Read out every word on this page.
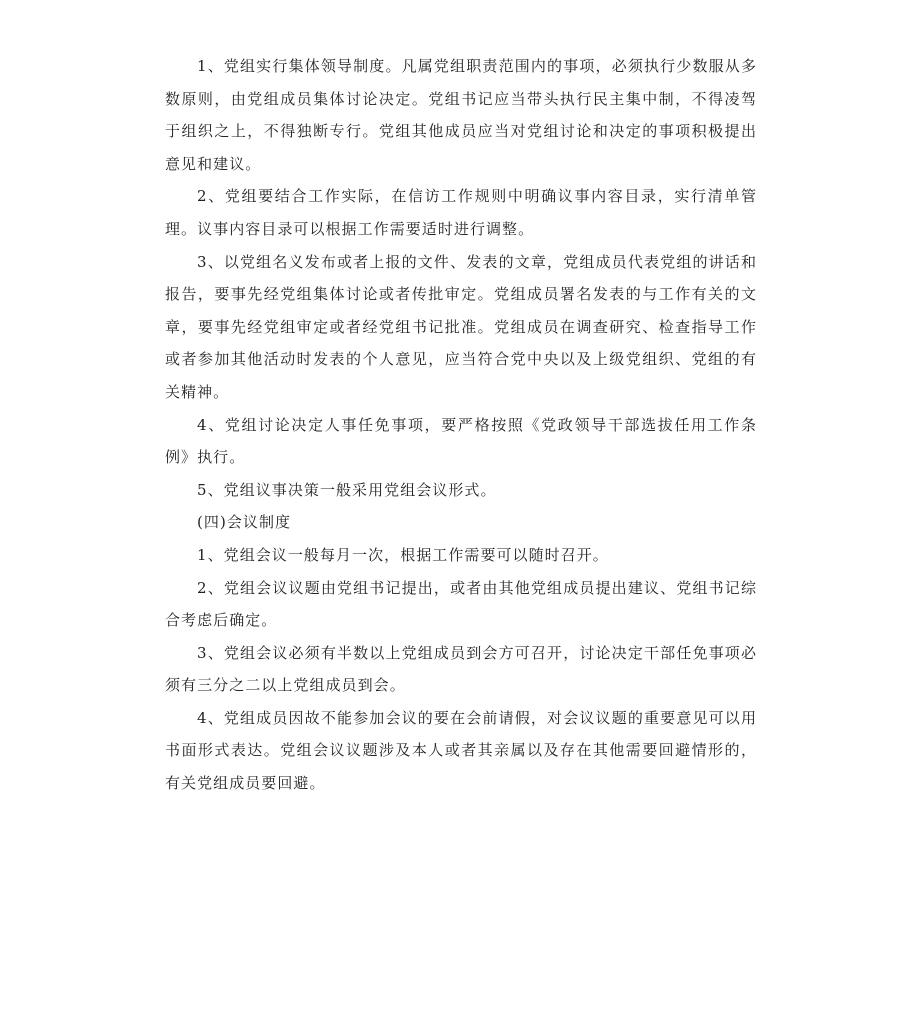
1、党组实行集体领导制度。凡属党组职责范围内的事项，必须执行少数服从多数原则，由党组成员集体讨论决定。党组书记应当带头执行民主集中制，不得凌驾于组织之上，不得独断专行。党组其他成员应当对党组讨论和决定的事项积极提出意见和建议。

2、党组要结合工作实际，在信访工作规则中明确议事内容目录，实行清单管理。议事内容目录可以根据工作需要适时进行调整。

3、以党组名义发布或者上报的文件、发表的文章，党组成员代表党组的讲话和报告，要事先经党组集体讨论或者传批审定。党组成员署名发表的与工作有关的文章，要事先经党组审定或者经党组书记批准。党组成员在调查研究、检查指导工作或者参加其他活动时发表的个人意见，应当符合党中央以及上级党组织、党组的有关精神。

4、党组讨论决定人事任免事项，要严格按照《党政领导干部选拔任用工作条例》执行。

5、党组议事决策一般采用党组会议形式。

(四)会议制度

1、党组会议一般每月一次，根据工作需要可以随时召开。

2、党组会议议题由党组书记提出，或者由其他党组成员提出建议、党组书记综合考虑后确定。

3、党组会议必须有半数以上党组成员到会方可召开，讨论决定干部任免事项必须有三分之二以上党组成员到会。

4、党组成员因故不能参加会议的要在会前请假，对会议议题的重要意见可以用书面形式表达。党组会议议题涉及本人或者其亲属以及存在其他需要回避情形的，有关党组成员要回避。
